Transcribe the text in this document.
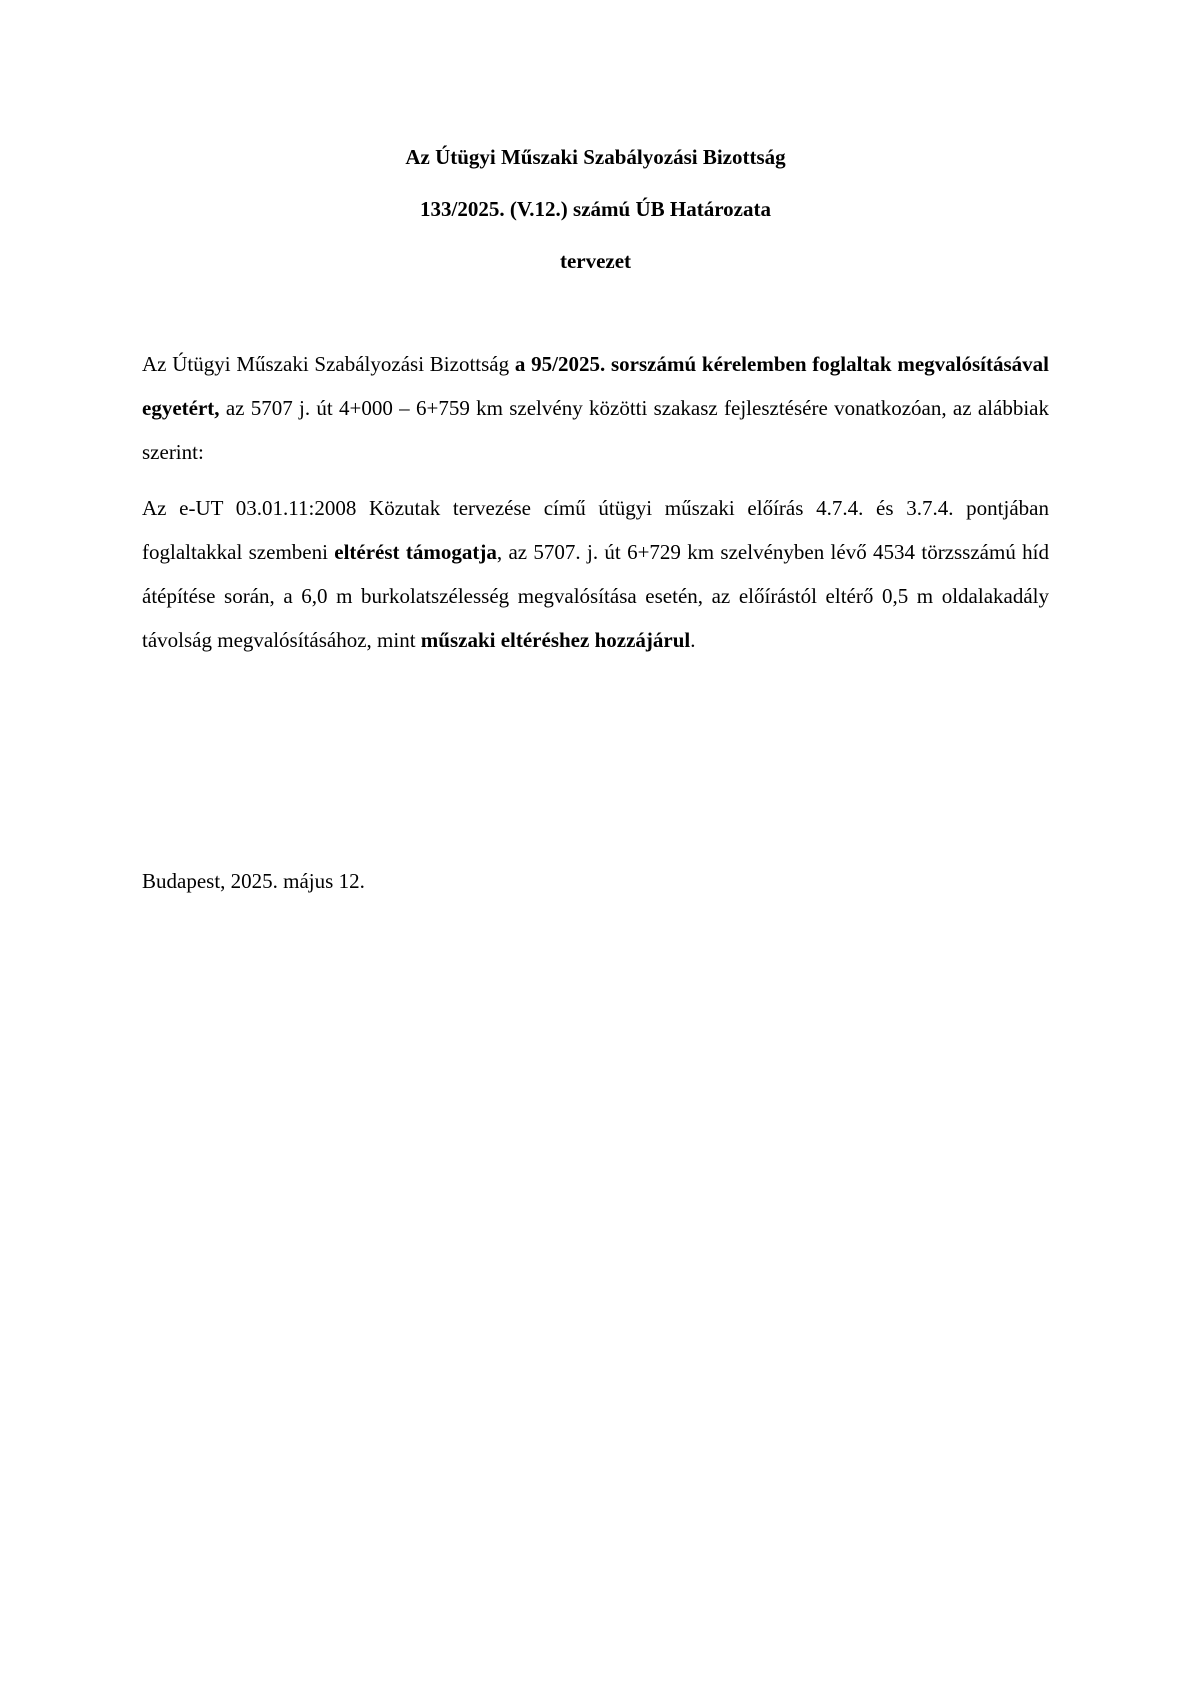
Az Útügyi Műszaki Szabályozási Bizottság
133/2025. (V.12.) számú ÚB Határozata
tervezet

Az Útügyi Műszaki Szabályozási Bizottság a 95/2025. sorszámú kérelemben foglaltak megvalósításával egyetért, az 5707 j. út 4+000 – 6+759 km szelvény közötti szakasz fejlesztésére vonatkozóan, az alábbiak szerint:

Az e-UT 03.01.11:2008 Közutak tervezése című útügyi műszaki előírás 4.7.4. és 3.7.4. pontjában foglaltakkal szembeni eltérést támogatja, az 5707. j. út 6+729 km szelvényben lévő 4534 törzsszámú híd átépítése során, a 6,0 m burkolatszélesség megvalósítása esetén, az előírástól eltérő 0,5 m oldalakadály távolság megvalósításához, mint műszaki eltéréshez hozzájárul.

Budapest, 2025. május 12.
